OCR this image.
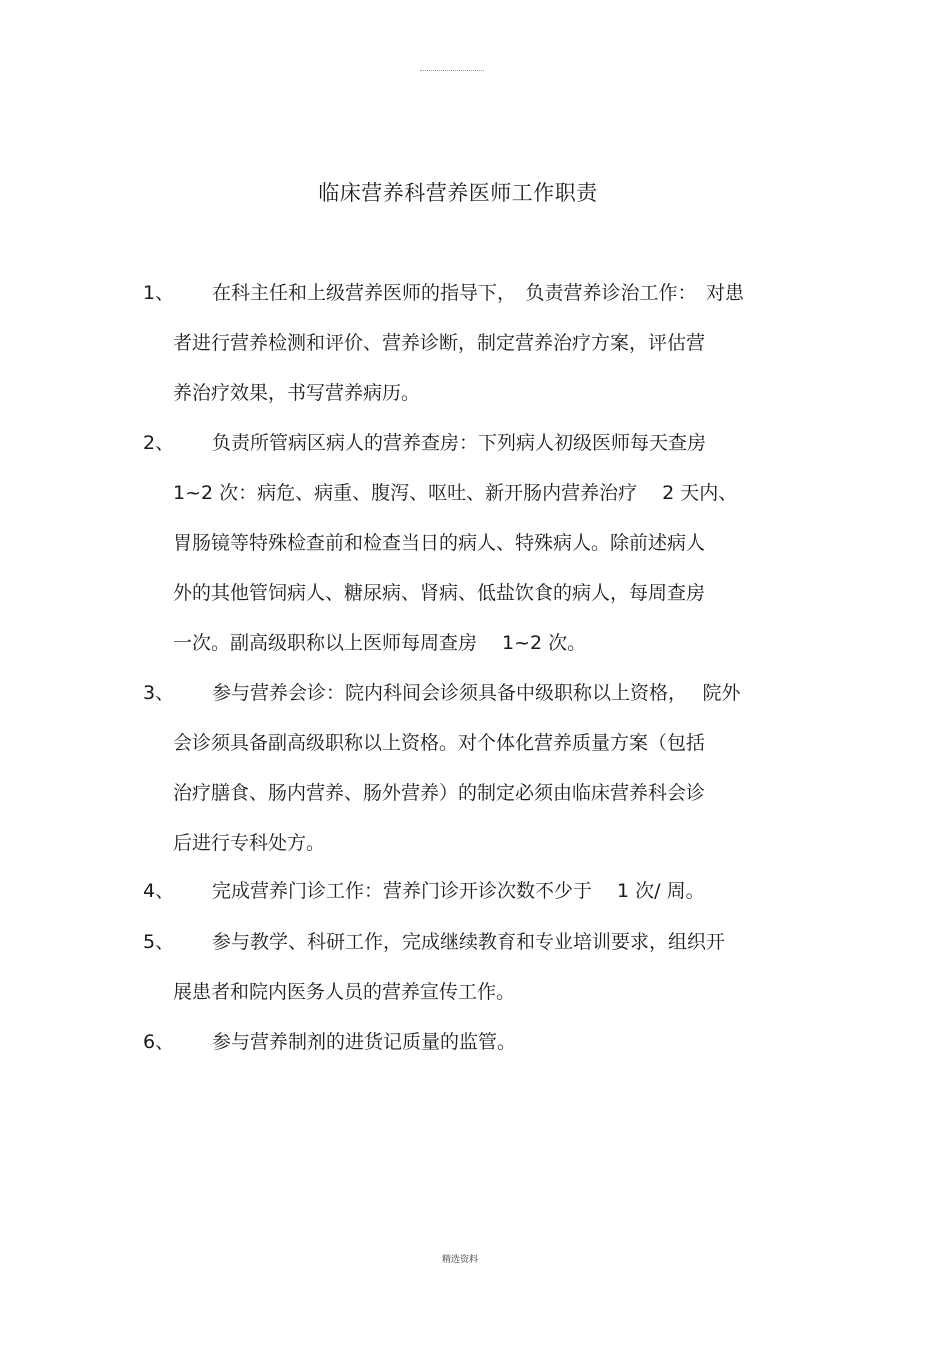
临床营养科营养医师工作职责
1、 在科主任和上级营养医师的指导下，　负责营养诊治工作：　对患
者进行营养检测和评价、营养诊断，制定营养治疗方案，评估营
养治疗效果，书写营养病历。
2、 负责所管病区病人的营养查房：下列病人初级医师每天查房
1~2 次：病危、病重、腹泻、呕吐、新开肠内营养治疗　 2 天内、
胃肠镜等特殊检查前和检查当日的病人、特殊病人。除前述病人
外的其他管饲病人、糖尿病、肾病、低盐饮食的病人，每周查房
一次。副高级职称以上医师每周查房　 1~2 次。
3、 参与营养会诊：院内科间会诊须具备中级职称以上资格，　 院外
会诊须具备副高级职称以上资格。对个体化营养质量方案（包括
治疗膳食、肠内营养、肠外营养）的制定必须由临床营养科会诊
后进行专科处方。
4、 完成营养门诊工作：营养门诊开诊次数不少于　 1 次/ 周。
5、 参与教学、科研工作，完成继续教育和专业培训要求，组织开
展患者和院内医务人员的营养宣传工作。
6、 参与营养制剂的进货记质量的监管。
精选资料
